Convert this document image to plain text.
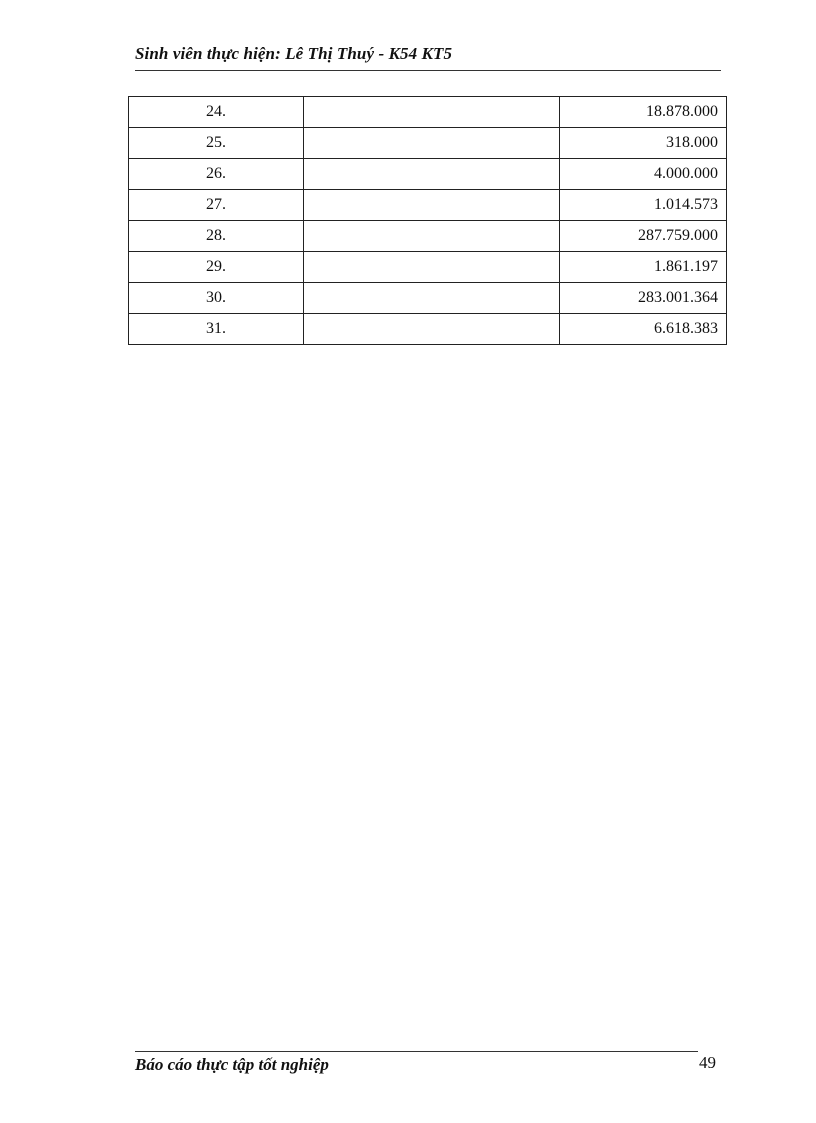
Sinh viên thực hiện: Lê Thị Thuý - K54 KT5
24.		18.878.000
25.		318.000
26.		4.000.000
27.		1.014.573
28.		287.759.000
29.		1.861.197
30.		283.001.364
31.		6.618.383
Báo cáo thực tập tốt nghiệp	49
